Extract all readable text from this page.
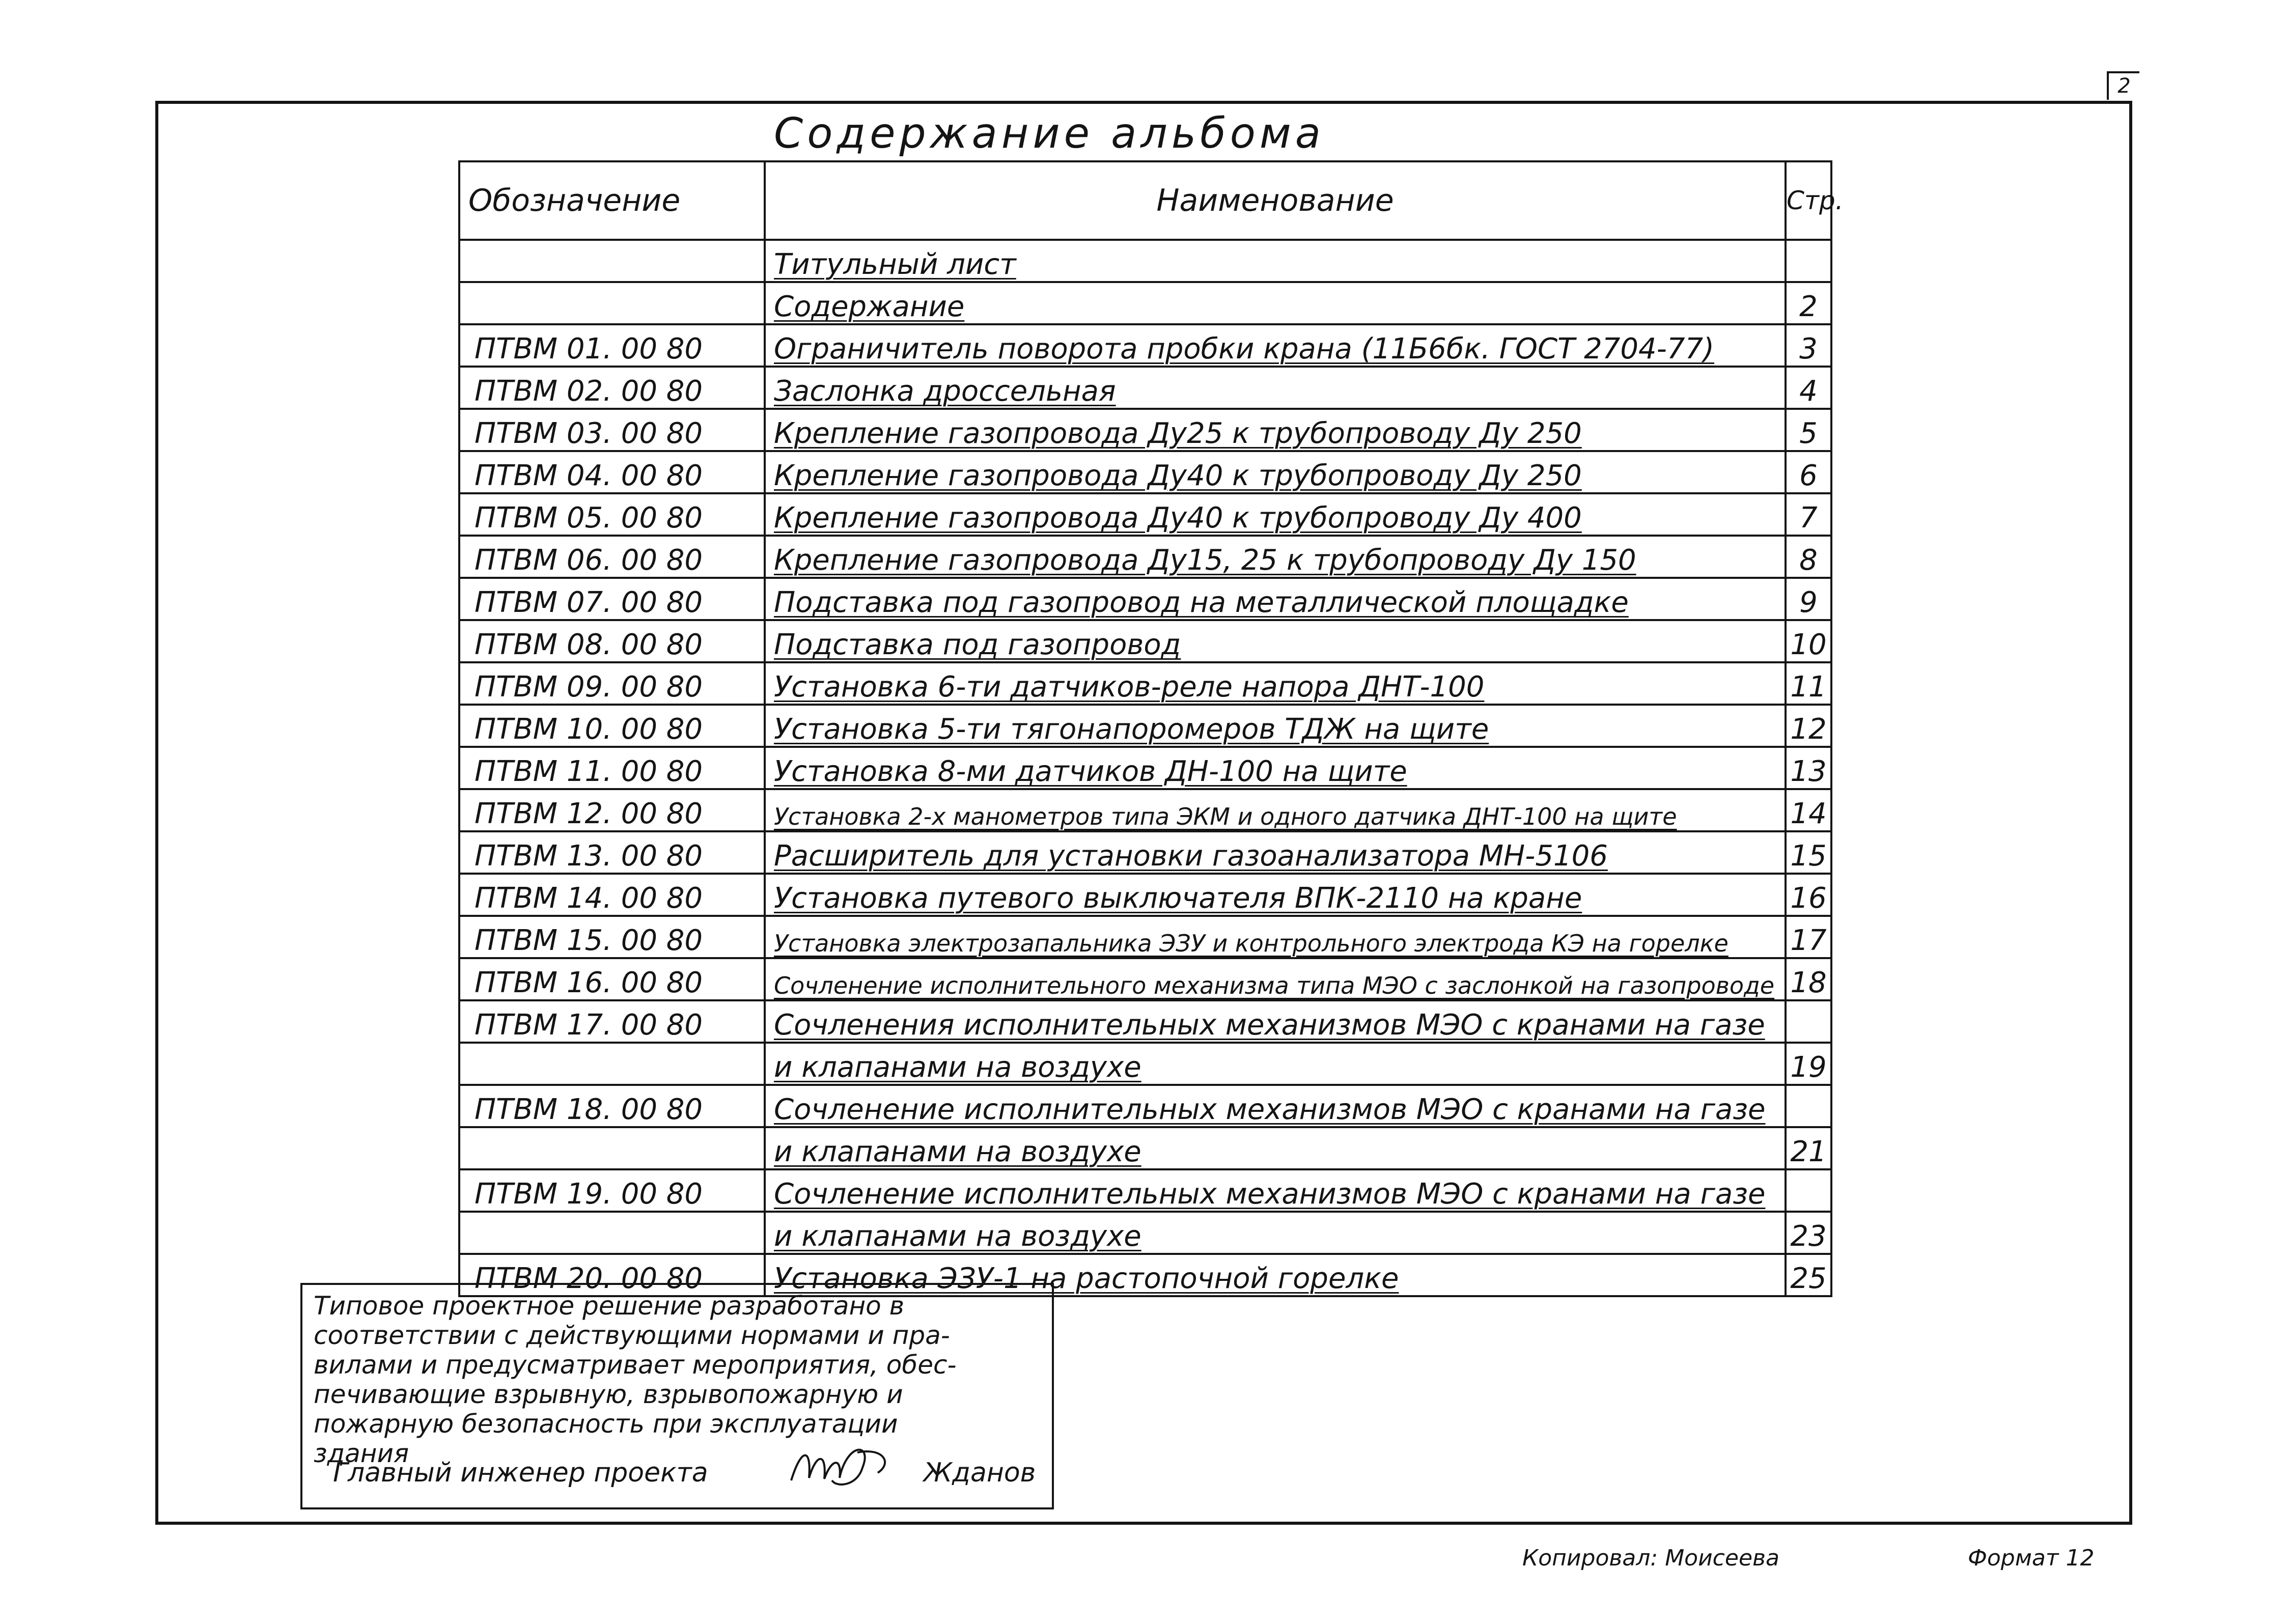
2
Содержание альбома
Обозначение	Наименование	Стр.
	Титульный лист	
	Содержание	2
ПТВМ 01. 00 80	Ограничитель поворота пробки крана (11Б6бк. ГОСТ 2704-77)	3
ПТВМ 02. 00 80	Заслонка дроссельная	4
ПТВМ 03. 00 80	Крепление газопровода Ду25 к трубопроводу Ду 250	5
ПТВМ 04. 00 80	Крепление газопровода Ду40 к трубопроводу Ду 250	6
ПТВМ 05. 00 80	Крепление газопровода Ду40 к трубопроводу Ду 400	7
ПТВМ 06. 00 80	Крепление газопровода Ду15, 25 к трубопроводу Ду 150	8
ПТВМ 07. 00 80	Подставка под газопровод на металлической площадке	9
ПТВМ 08. 00 80	Подставка под газопровод	10
ПТВМ 09. 00 80	Установка 6-ти датчиков-реле напора ДНТ-100	11
ПТВМ 10. 00 80	Установка 5-ти тягонапоромеров ТДЖ на щите	12
ПТВМ 11. 00 80	Установка 8-ми датчиков ДН-100 на щите	13
ПТВМ 12. 00 80	Установка 2-х манометров типа ЭКМ и одного датчика ДНТ-100 на щите	14
ПТВМ 13. 00 80	Расширитель для установки газоанализатора МН-5106	15
ПТВМ 14. 00 80	Установка путевого выключателя ВПК-2110 на кране	16
ПТВМ 15. 00 80	Установка электрозапальника ЭЗУ и контрольного электрода КЭ на горелке	17
ПТВМ 16. 00 80	Сочленение исполнительного механизма типа МЭО с заслонкой на газопроводе	18
ПТВМ 17. 00 80	Сочленения исполнительных механизмов МЭО с кранами на газе	
	и клапанами на воздухе	19
ПТВМ 18. 00 80	Сочленение исполнительных механизмов МЭО с кранами на газе	
	и клапанами на воздухе	21
ПТВМ 19. 00 80	Сочленение исполнительных механизмов МЭО с кранами на газе	
	и клапанами на воздухе	23
ПТВМ 20. 00 80	Установка ЭЗУ-1 на растопочной горелке	25

Типовое проектное решение разработано в
соответствии с действующими нормами и пра-
вилами и предусматривает мероприятия, обес-
печивающие взрывную, взрывопожарную и
пожарную безопасность при эксплуатации
здания

Главный инженер проекта	Жданов
Копировал: Моисеева	Формат 12
